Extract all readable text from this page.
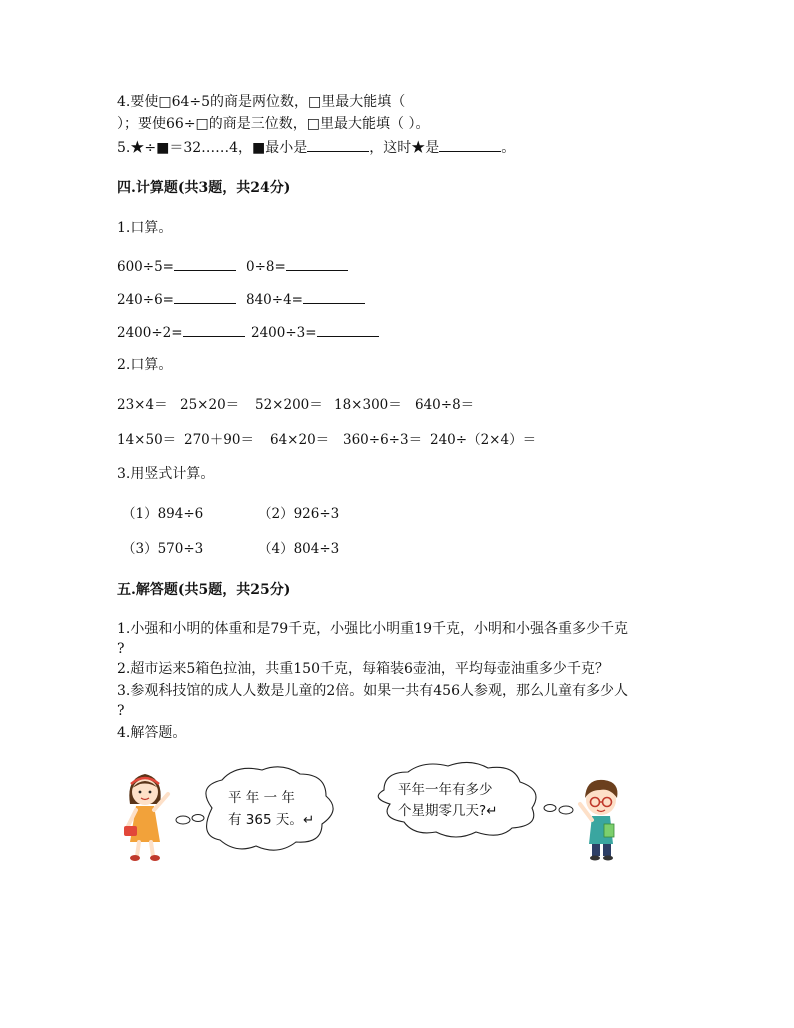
4.要使□64÷5的商是两位数，□里最大能填（
）；要使66÷□的商是三位数，□里最大能填（ ）。
5.★÷■＝32……4，■最小是	，这时★是	。
四.计算题(共3题，共24分)
1.口算。
600÷5=	0÷8=
240÷6=	840÷4=
2400÷2=	2400÷3=
2.口算。
23×4＝ 25×20＝ 52×200＝ 18×300＝ 640÷8＝
14×50＝ 270＋90＝ 64×20＝ 360÷6÷3＝ 240÷（2×4）＝
3.用竖式计算。
（1）894÷6	（2）926÷3
（3）570÷3	（4）804÷3
五.解答题(共5题，共25分)
1.小强和小明的体重和是79千克，小强比小明重19千克，小明和小强各重多少千克
?
2.超市运来5箱色拉油，共重150千克，每箱装6壶油，平均每壶油重多少千克？
3.参观科技馆的成人人数是儿童的2倍。如果一共有456人参观，那么儿童有多少人
?
4.解答题。
平 年 一 年
有 365 天。↵
平年一年有多少
个星期零几天?↵
